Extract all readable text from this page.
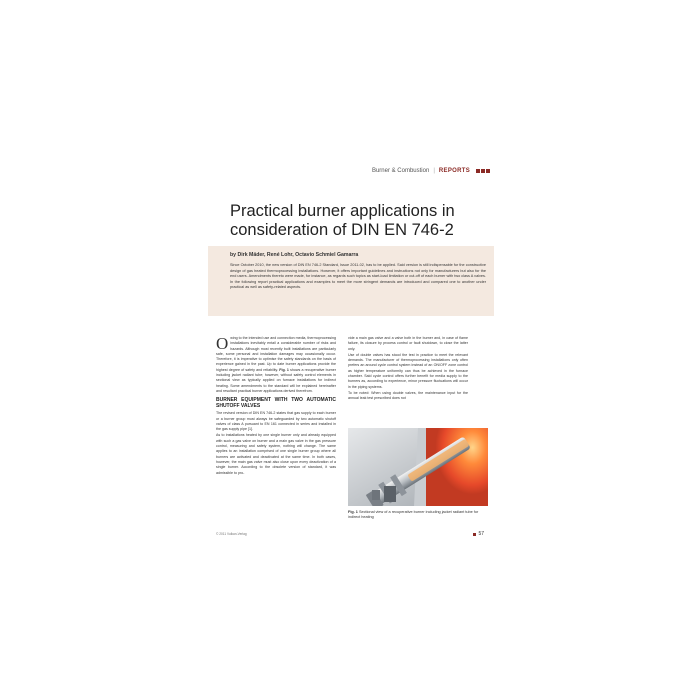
Burner & Combustion | REPORTS
Practical burner applications in consideration of DIN EN 746-2
by Dirk Mäder, René Lohr, Octavio Schmiel Gamarra

Since October 2010, the new version of DIN EN 746-2 Standard, Issue 2011-02, has to be applied. Said version is still indispensable for the constructive design of gas heated thermoprocessing installations. However, it offers important guidelines and instructions not only for manufacturers but also for the end users. Amendments thereto were made, for instance, as regards such topics as start-load limitation or cut-off of each burner with two class A valves. In the following report practical applications and examples to meet the more stringent demands are introduced and compared one to another under practical as well as safety-related aspects.

Owing to the intended use and connection media, thermoprocessing installations inevitably entail a considerable number of risks and hazards. Although most recently built installations are particularly safe, some personal and installation damages may occasionally occur. Therefore, it is imperative to optimise the safety standards on the basis of experience gained in the past. Up to date burner applications provide the highest degree of safety and reliability. Fig. 1 shows a recuperative burner including jacket radiant tube; however, without safety control elements in sectional view as typically applied on furnace installations for indirect heating. Some amendments to the standard will be explained hereinafter and resultant practical burner applications derived therefrom.

BURNER EQUIPMENT WITH TWO AUTOMATIC SHUTOFF VALVES

The revised version of DIN EN 746-2 states that gas supply to each burner or a burner group must always be safeguarded by two automatic shutoff valves of class A pursuant to EN 161 connected in series and installed in the gas supply pipe [1].

As to installations heated by one single burner only and already equipped with such a gas valve on burner and a main gas valve in the gas pressure control, measuring and safety system, nothing will change. The same applies to an installation comprised of one single burner group where all burners are activated and deactivated at the same time. In both cases, however, the main gas valve must also close upon every deactivation of a single burner. According to the obsolete version of standard, it was admissible to pro-

vide a main gas valve and a valve both in the burner and, in case of flame failure, its closure by process control or fault shutdown, to close the latter only.

Use of double valves has stood the test in practice to meet the relevant demands. The manufacturer of thermoprocessing installations only often prefers an around cycle control system instead of an ON/OFF zone control as higher temperature uniformity can thus be achieved in the furnace chamber. Said cycle control offers further benefit for media supply to the burners as, according to experience, minor pressure fluctuations will occur in the piping systems.

To be noted: When using double valves, the maintenance input for the annual leak test prescribed does not

Fig. 1 Sectional view of a recuperative burner including jacket radiant tube for indirect heating
© 2011 Vulkan-Verlag	57
